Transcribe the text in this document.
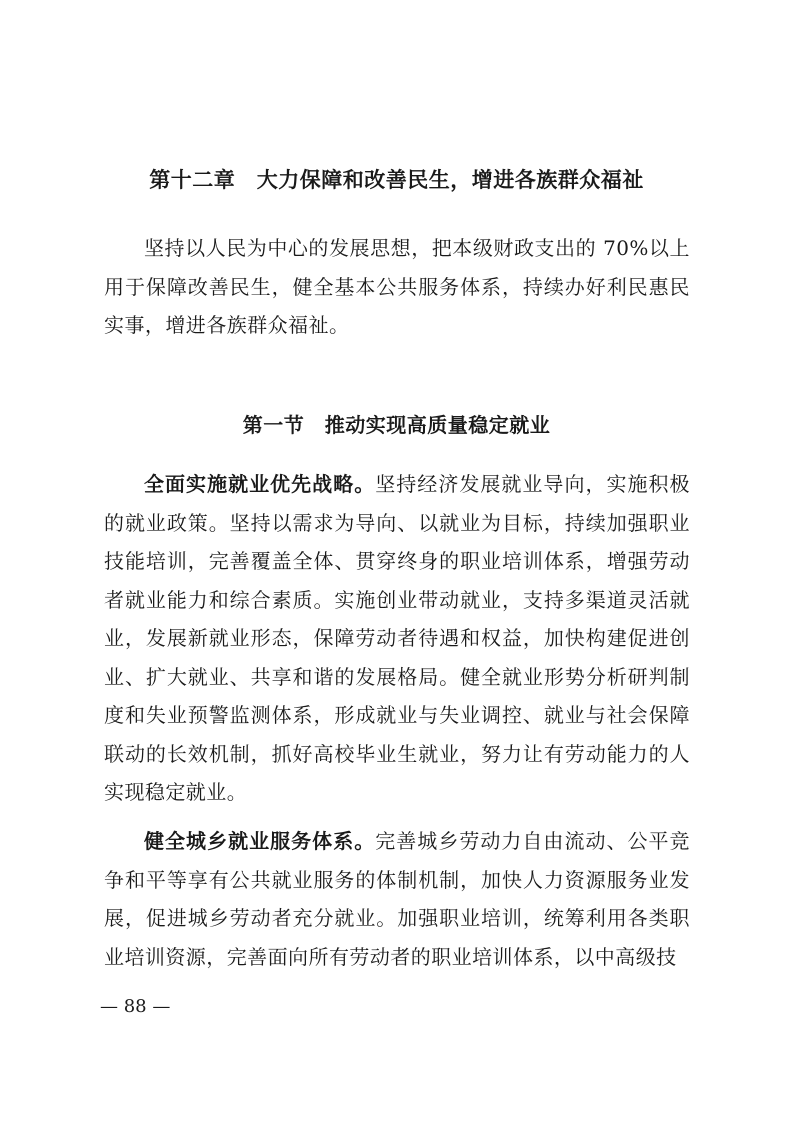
第十二章　大力保障和改善民生，增进各族群众福祉

坚持以人民为中心的发展思想，把本级财政支出的 70%以上用于保障改善民生，健全基本公共服务体系，持续办好利民惠民实事，增进各族群众福祉。

第一节　推动实现高质量稳定就业

全面实施就业优先战略。坚持经济发展就业导向，实施积极的就业政策。坚持以需求为导向、以就业为目标，持续加强职业技能培训，完善覆盖全体、贯穿终身的职业培训体系，增强劳动者就业能力和综合素质。实施创业带动就业，支持多渠道灵活就业，发展新就业形态，保障劳动者待遇和权益，加快构建促进创业、扩大就业、共享和谐的发展格局。健全就业形势分析研判制度和失业预警监测体系，形成就业与失业调控、就业与社会保障联动的长效机制，抓好高校毕业生就业，努力让有劳动能力的人实现稳定就业。

健全城乡就业服务体系。完善城乡劳动力自由流动、公平竞争和平等享有公共就业服务的体制机制，加快人力资源服务业发展，促进城乡劳动者充分就业。加强职业培训，统筹利用各类职业培训资源，完善面向所有劳动者的职业培训体系，以中高级技

— 88 —
